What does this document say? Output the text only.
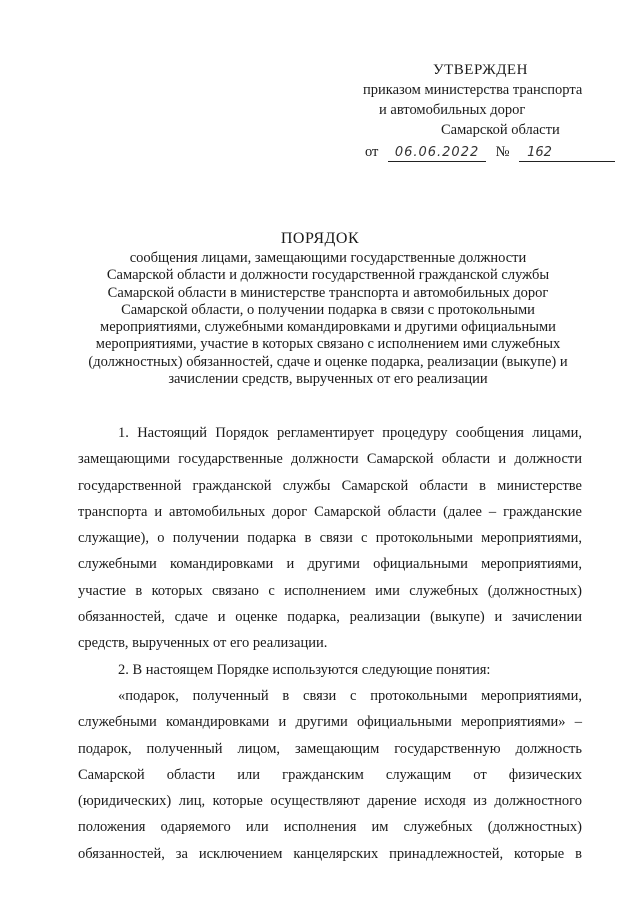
УТВЕРЖДЕН
приказом министерства транспорта
и автомобильных дорог
Самарской области
от 06.06.2022 № 162
ПОРЯДОК
сообщения лицами, замещающими государственные должности
Самарской области и должности государственной гражданской службы
Самарской области в министерстве транспорта и автомобильных дорог
Самарской области, о получении подарка в связи с протокольными
мероприятиями, служебными командировками и другими официальными
мероприятиями, участие в которых связано с исполнением ими служебных
(должностных) обязанностей, сдаче и оценке подарка, реализации (выкупе) и
зачислении средств, вырученных от его реализации
1. Настоящий Порядок регламентирует процедуру сообщения лицами,
замещающими государственные должности Самарской области и должности
государственной гражданской службы Самарской области в министерстве
транспорта и автомобильных дорог Самарской области (далее – гражданские
служащие), о получении подарка в связи с протокольными мероприятиями,
служебными командировками и другими официальными мероприятиями,
участие в которых связано с исполнением ими служебных (должностных)
обязанностей, сдаче и оценке подарка, реализации (выкупе) и зачислении
средств, вырученных от его реализации.
2. В настоящем Порядке используются следующие понятия:
«подарок, полученный в связи с протокольными мероприятиями,
служебными командировками и другими официальными мероприятиями» –
подарок, полученный лицом, замещающим государственную должность
Самарской области или гражданским служащим от физических
(юридических) лиц, которые осуществляют дарение исходя из должностного
положения одаряемого или исполнения им служебных (должностных)
обязанностей, за исключением канцелярских принадлежностей, которые в
